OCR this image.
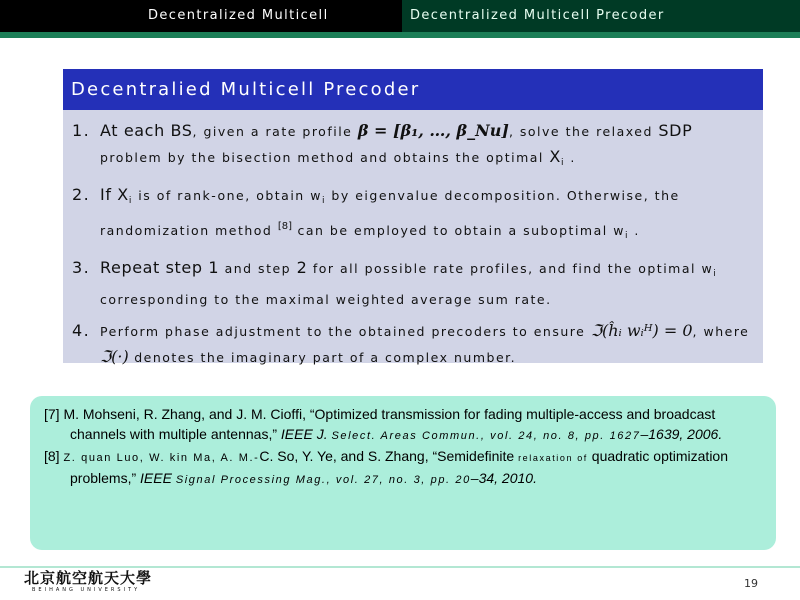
Decentralized Multicell Cooperation
Decentralized Multicell Precoder
Decentralied Multicell Precoder
1. At each BS, given a rate profile β = [β₁, …, β_Nu], solve the relaxed SDP problem by the bisection method and obtains the optimal $X_i$ .
2. If $X_i$ is of rank-one, obtain $w_i$ by eigenvalue decomposition. Otherwise, the randomization method [8] can be employed to obtain a suboptimal $w_i$ .
3. Repeat step 1 and step 2 for all possible rate profiles, and find the optimal $w_i$ corresponding to the maximal weighted average sum rate.
4. Perform phase adjustment to the obtained precoders to ensure ℑ(ĥᵢ wᵢᴴ) = 0, where ℑ(·) denotes the imaginary part of a complex number.
[7] M. Mohseni, R. Zhang, and J. M. Cioffi, “Optimized transmission for fading multiple-access and broadcast channels with multiple antennas,” IEEE J. Select. Areas Commun., vol. 24, no. 8, pp. 1627–1639, 2006.
[8] Z. quan Luo, W. kin Ma, A. M.-C. So, Y. Ye, and S. Zhang, “Semidefinite relaxation of quadratic optimization problems,” IEEE Signal Processing Mag., vol. 27, no. 3, pp. 20–34, 2010.
北京航空航天大學
BEIHANG UNIVERSITY	19
